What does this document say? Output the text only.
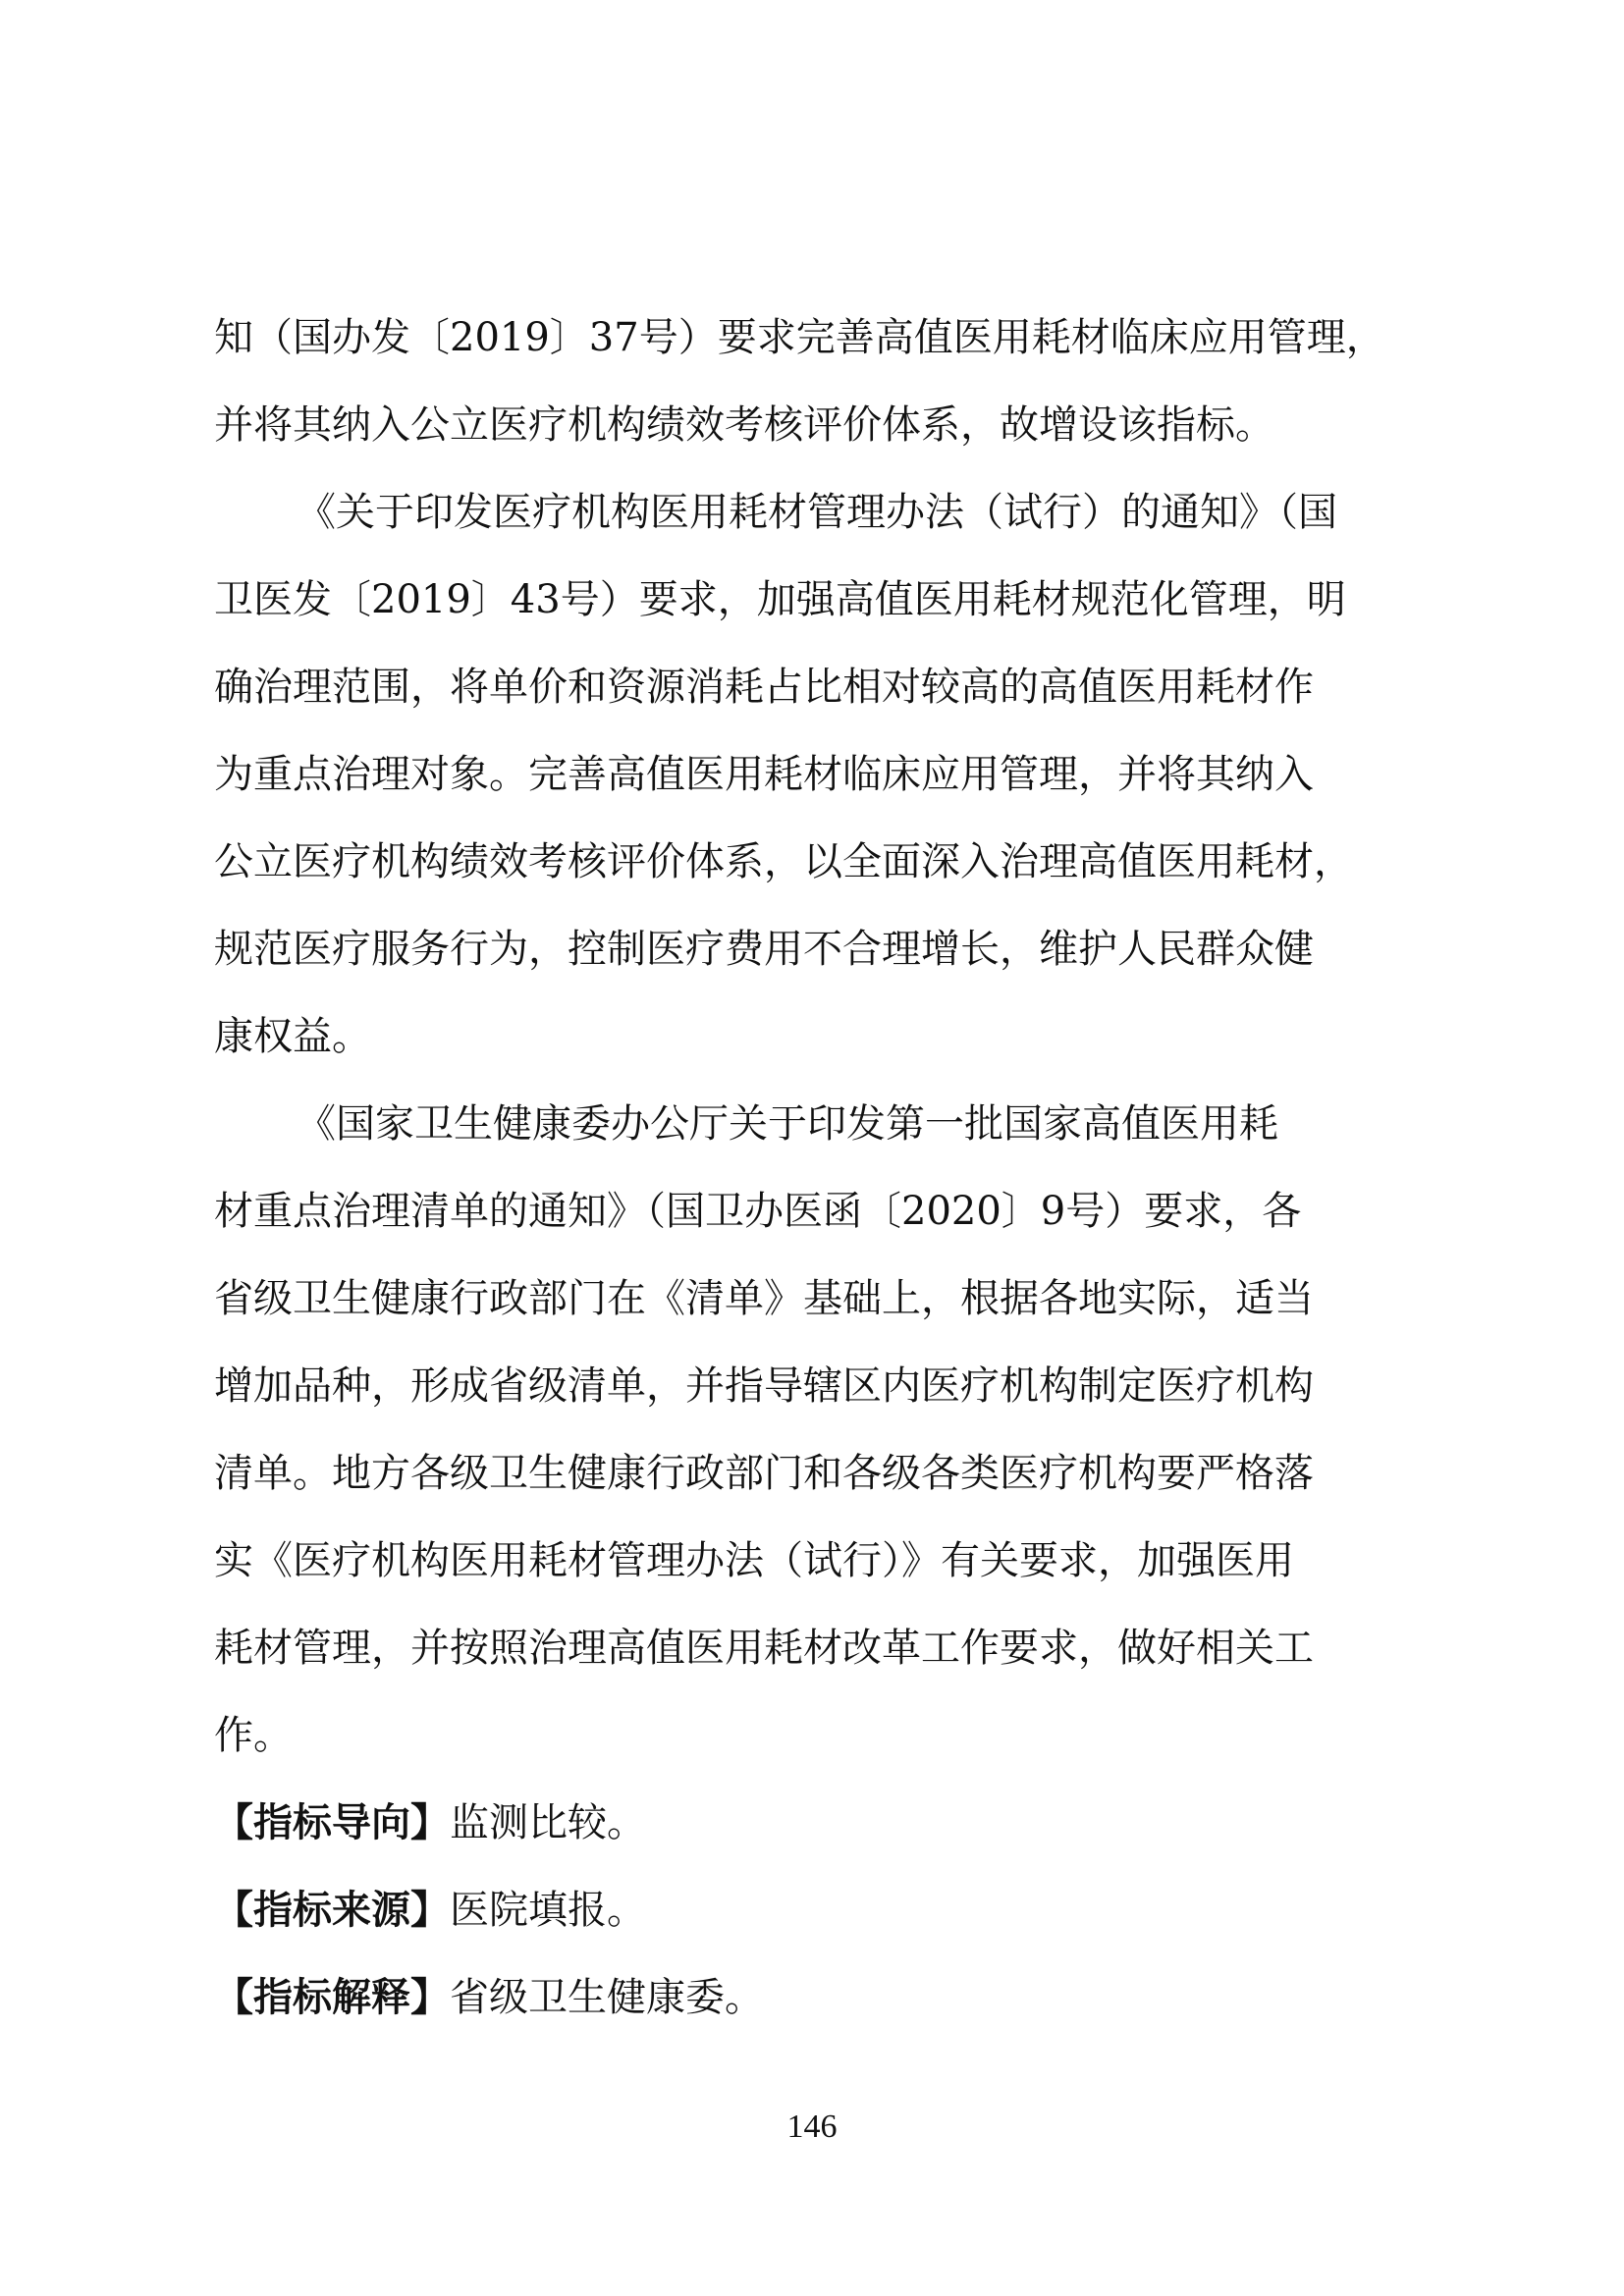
知（国办发〔2019〕37号）要求完善高值医用耗材临床应用管理，
并将其纳入公立医疗机构绩效考核评价体系，故增设该指标。
《关于印发医疗机构医用耗材管理办法（试行）的通知》（国
卫医发〔2019〕43号）要求，加强高值医用耗材规范化管理，明
确治理范围，将单价和资源消耗占比相对较高的高值医用耗材作
为重点治理对象。完善高值医用耗材临床应用管理，并将其纳入
公立医疗机构绩效考核评价体系，以全面深入治理高值医用耗材，
规范医疗服务行为，控制医疗费用不合理增长，维护人民群众健
康权益。
《国家卫生健康委办公厅关于印发第一批国家高值医用耗
材重点治理清单的通知》（国卫办医函〔2020〕9号）要求，各
省级卫生健康行政部门在《清单》基础上，根据各地实际，适当
增加品种，形成省级清单，并指导辖区内医疗机构制定医疗机构
清单。地方各级卫生健康行政部门和各级各类医疗机构要严格落
实《医疗机构医用耗材管理办法（试行）》有关要求，加强医用
耗材管理，并按照治理高值医用耗材改革工作要求，做好相关工
作。
【指标导向】监测比较。
【指标来源】医院填报。
【指标解释】省级卫生健康委。
146
